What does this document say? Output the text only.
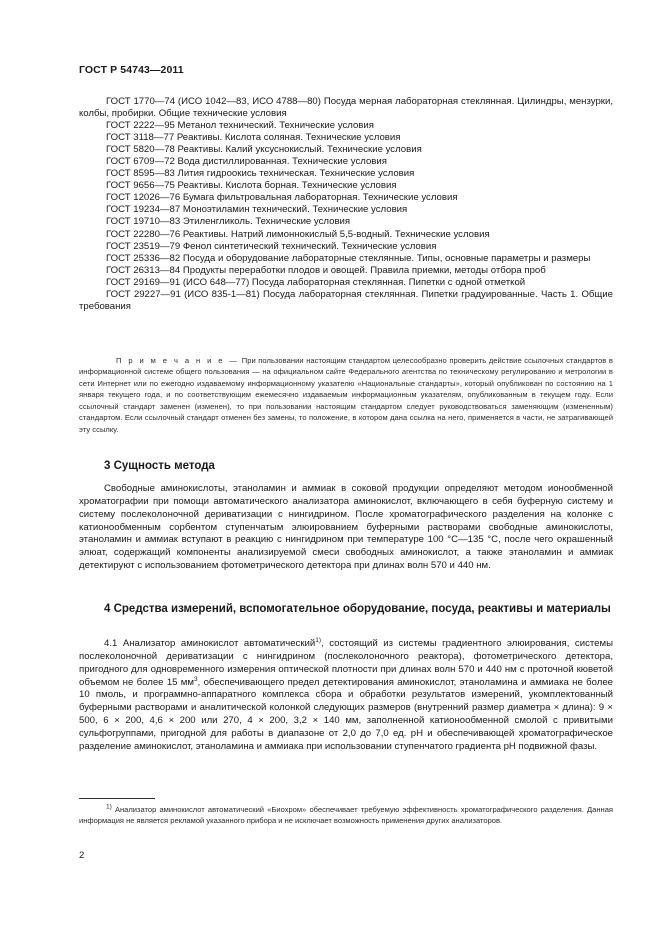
ГОСТ Р 54743—2011

ГОСТ 1770—74 (ИСО 1042—83, ИСО 4788—80) Посуда мерная лабораторная стеклянная. Цилиндры, мензурки, колбы, пробирки. Общие технические условия

ГОСТ 2222—95 Метанол технический. Технические условия

ГОСТ 3118—77 Реактивы. Кислота соляная. Технические условия

ГОСТ 5820—78 Реактивы. Калий уксуснокислый. Технические условия

ГОСТ 6709—72 Вода дистиллированная. Технические условия

ГОСТ 8595—83 Лития гидроокись техническая. Технические условия

ГОСТ 9656—75 Реактивы. Кислота борная. Технические условия

ГОСТ 12026—76 Бумага фильтровальная лабораторная. Технические условия

ГОСТ 19234—87 Моноэтиламин технический. Технические условия

ГОСТ 19710—83 Этиленгликоль. Технические условия

ГОСТ 22280—76 Реактивы. Натрий лимоннокислый 5,5-водный. Технические условия

ГОСТ 23519—79 Фенол синтетический технический. Технические условия

ГОСТ 25336—82 Посуда и оборудование лабораторные стеклянные. Типы, основные параметры и размеры

ГОСТ 26313—84 Продукты переработки плодов и овощей. Правила приемки, методы отбора проб

ГОСТ 29169—91 (ИСО 648—77) Посуда лабораторная стеклянная. Пипетки с одной отметкой

ГОСТ 29227—91 (ИСО 835-1—81) Посуда лабораторная стеклянная. Пипетки градуированные. Часть 1. Общие требования

П р и м е ч а н и е — При пользовании настоящим стандартом целесообразно проверить действие ссылочных стандартов в информационной системе общего пользования — на официальном сайте Федерального агентства по техническому регулированию и метрологии в сети Интернет или по ежегодно издаваемому информационному указателю «Национальные стандарты», который опубликован по состоянию на 1 января текущего года, и по соответствующим ежемесячно издаваемым информационным указателям, опубликованным в текущем году. Если ссылочный стандарт заменен (изменен), то при пользовании настоящим стандартом следует руководствоваться заменяющим (измененным) стандартом. Если ссылочный стандарт отменен без замены, то положение, в котором дана ссылка на него, применяется в части, не затрагивающей эту ссылку.
3 Сущность метода

Свободные аминокислоты, этаноламин и аммиак в соковой продукции определяют методом ионообменной хроматографии при помощи автоматического анализатора аминокислот, включающего в себя буферную систему и систему послеколоночной дериватизации с нингидрином. После хроматографического разделения на колонке с катионообменным сорбентом ступенчатым элюированием буферными растворами свободные аминокислоты, этаноламин и аммиак вступают в реакцию с нингидрином при температуре 100 °С—135 °С, после чего окрашенный элюат, содержащий компоненты анализируемой смеси свободных аминокислот, а также этаноламин и аммиак детектируют с использованием фотометрического детектора при длинах волн 570 и 440 нм.

4 Средства измерений, вспомогательное оборудование, посуда, реактивы и материалы

4.1 Анализатор аминокислот автоматический$^{1)}$, состоящий из системы градиентного элюирования, системы послеколоночной дериватизации с нингидрином (послеколоночного реактора), фотометрического детектора, пригодного для одновременного измерения оптической плотности при длинах волн 570 и 440 нм с проточной кюветой объемом не более 15 $мм^3$, обеспечивающего предел детектирования аминокислот, этаноламина и аммиака не более 10 пмоль, и программно-аппаратного комплекса сбора и обработки результатов измерений, укомплектованный буферными растворами и аналитической колонкой следующих размеров (внутренний размер диаметра × длина): 9 × 500, 6 × 200, 4,6 × 200 или 270, 4 × 200, 3,2 × 140 мм, заполненной катионообменной смолой с привитыми сульфогруппами, пригодной для работы в диапазоне от 2,0 до 7,0 ед. рН и обеспечивающей хроматографическое разделение аминокислот, этаноламина и аммиака при использовании ступенчатого градиента рН подвижной фазы.

$^{1)}$ Анализатор аминокислот автоматический «Биохром» обеспечивает требуемую эффективность хроматографического разделения. Данная информация не является рекламой указанного прибора и не исключает возможность применения других анализаторов.

2
